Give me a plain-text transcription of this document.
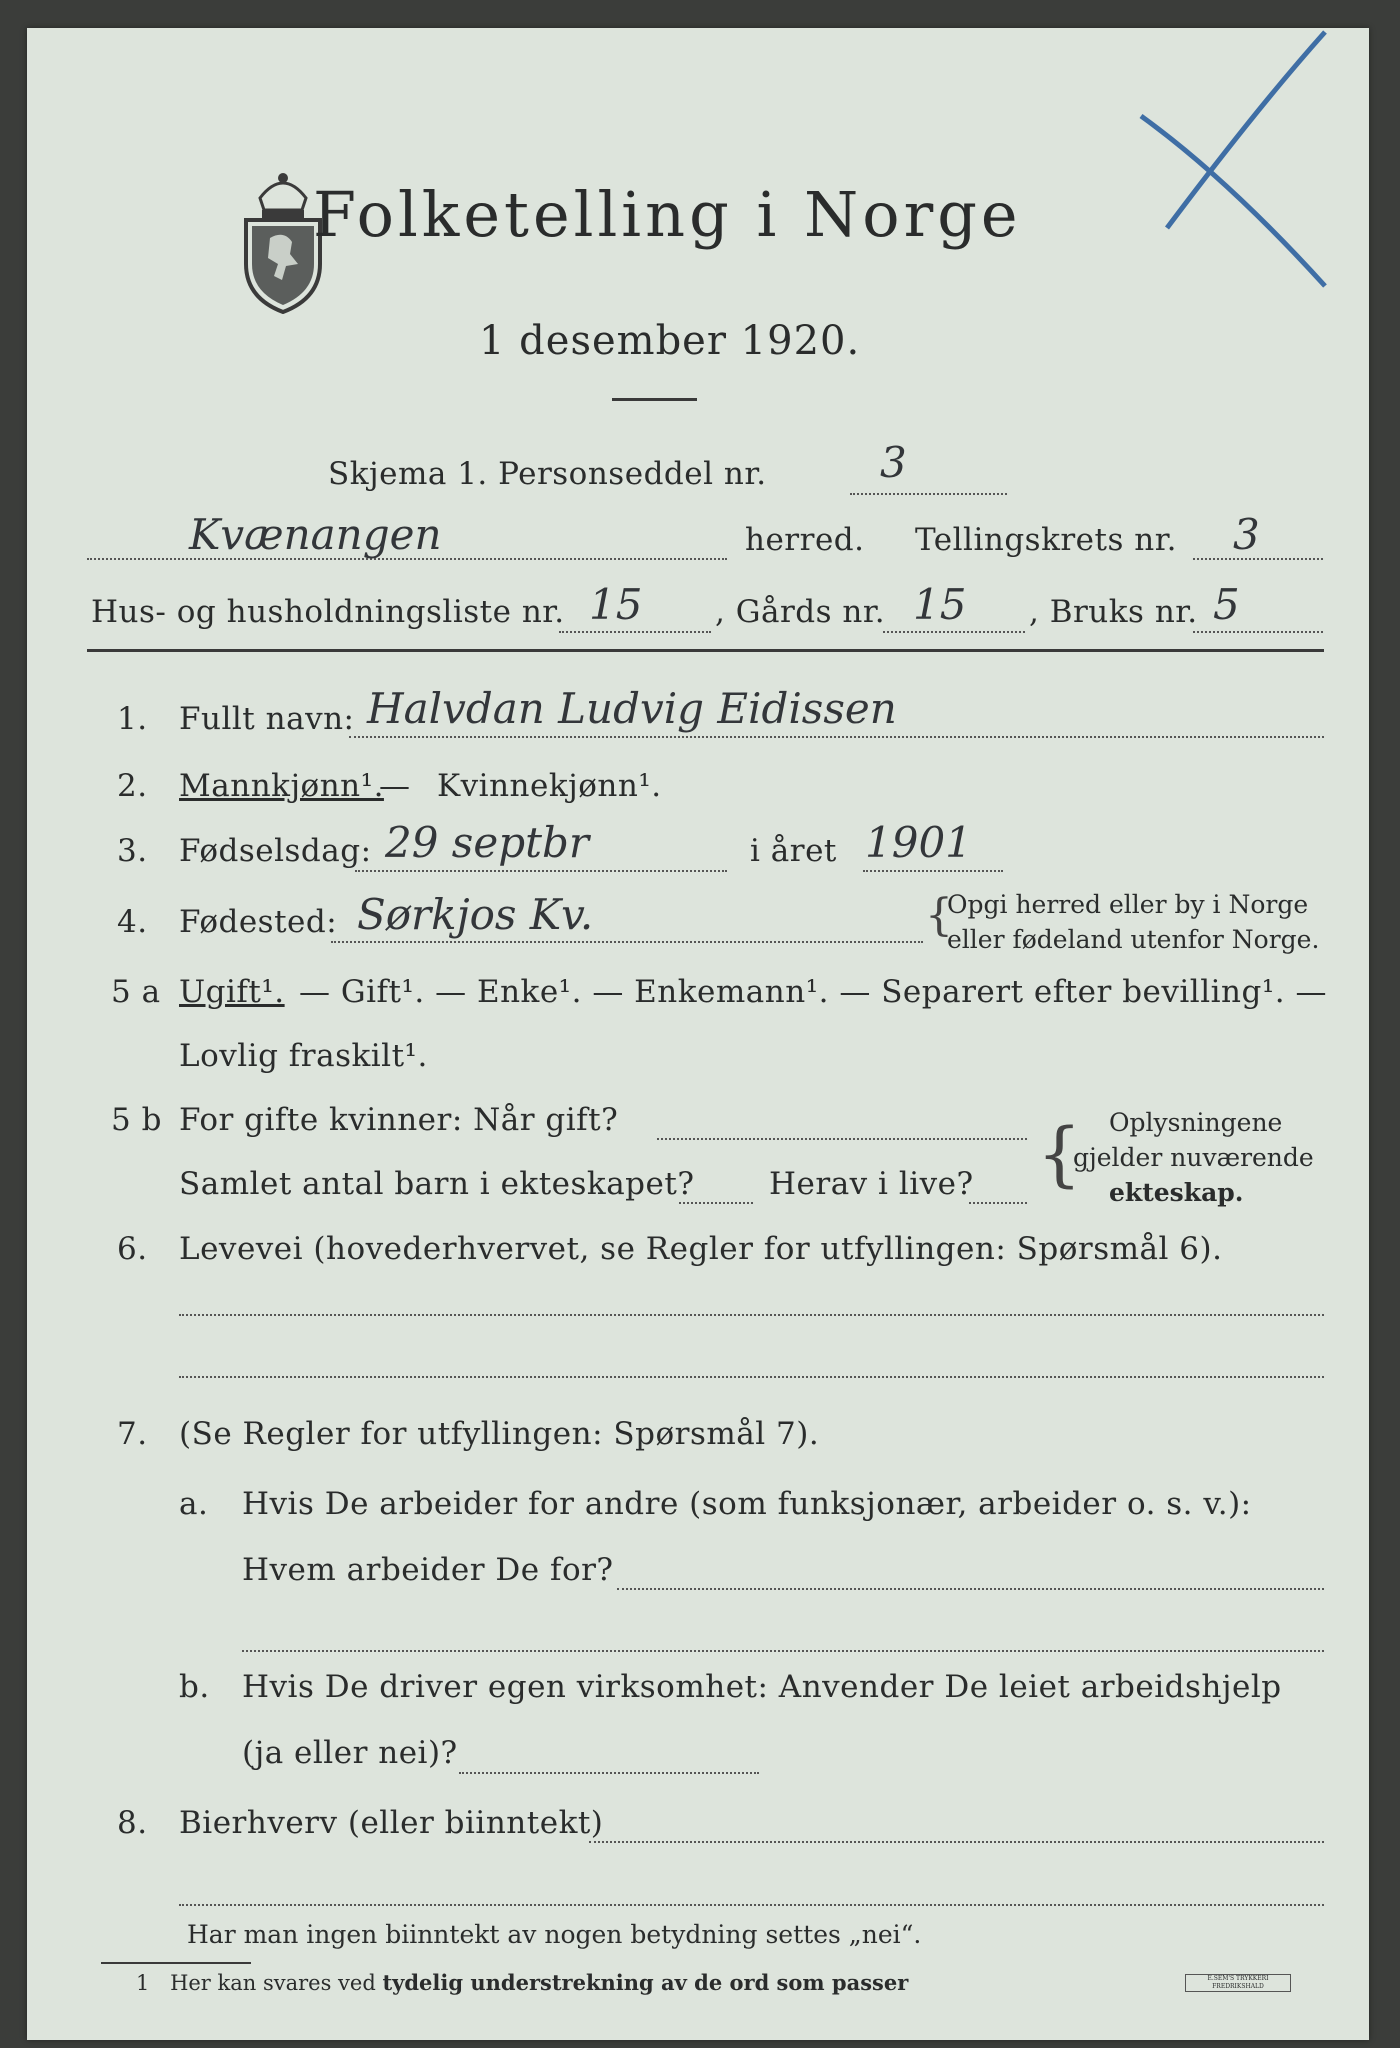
Folketelling i Norge
1 desember 1920.
Skjema 1. Personseddel nr.	3
Kvænangen	herred. Tellingskrets nr. 3
Hus- og husholdningsliste nr. 15 , Gårds nr. 15 , Bruks nr. 5
1. Fullt navn: Halvdan Ludvig Eidissen
2. Mannkjønn¹.
— Kvinnekjønn¹.
3. Fødselsdag: 29 septbr	i året 1901
4. Fødested: Sørkjos Kv.	{
Opgi herred eller by i Norge
eller fødeland utenfor Norge.
5 a Ugift¹. — Gift¹. — Enke¹. — Enkemann¹. — Separert efter bevilling¹. —
Lovlig fraskilt¹.
5 b For gifte kvinner: Når gift?
Samlet antal barn i ekteskapet? Herav i live? { Oplysningene
gjelder nuværende
ekteskap.
6. Levevei (hovederhvervet, se Regler for utfyllingen: Spørsmål 6).
7. (Se Regler for utfyllingen: Spørsmål 7).
a. Hvis De arbeider for andre (som funksjonær, arbeider o. s. v.):
Hvem arbeider De for?
b. Hvis De driver egen virksomhet: Anvender De leiet arbeidshjelp
(ja eller nei)?
8. Bierhverv (eller biinntekt)
Har man ingen biinntekt av nogen betydning settes „nei“.
1 Her kan svares ved tydelig understrekning av de ord som passer	E.SEM'S TRYKKERI FREDRIKSHALD
